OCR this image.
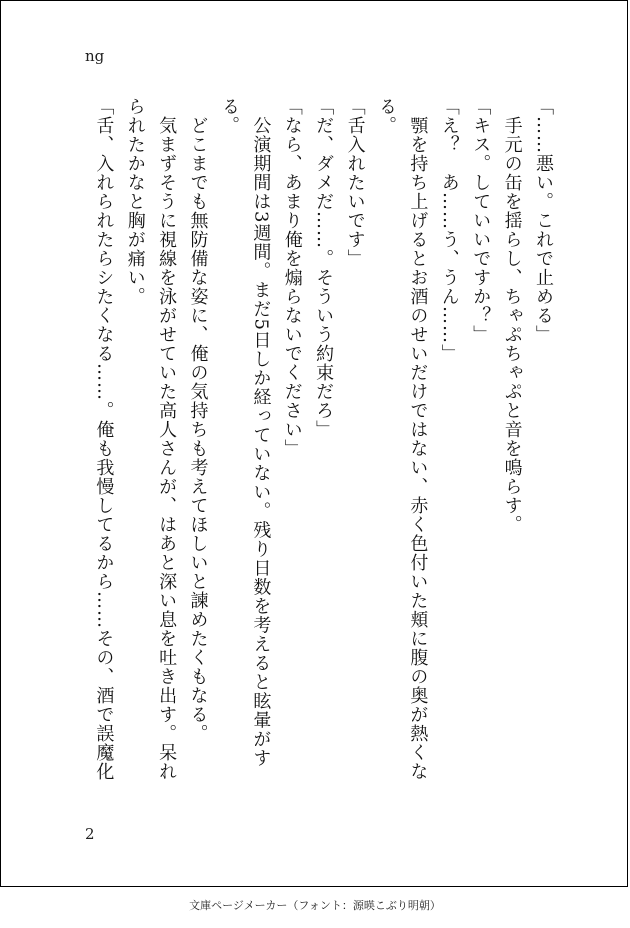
ng
「……悪い。これで止める」
　手元の缶を揺らし、ちゃぷちゃぷと音を鳴らす。
「キス。していいですか？」
「え？　あ……う、うん……」
　顎を持ち上げるとお酒のせいだけではない、赤く色付いた頬に腹の奥が熱くな
る。
「舌入れたいです」
「だ、ダメだ……。そういう約束だろ」
「なら、あまり俺を煽らないでください」
　公演期間は3週間。まだ5日しか経っていない。残り日数を考えると眩暈がす
る。
　どこまでも無防備な姿に、俺の気持ちも考えてほしいと諫めたくもなる。
　気まずそうに視線を泳がせていた高人さんが、はあと深い息を吐き出す。呆れ
られたかなと胸が痛い。
「舌、入れられたらシたくなる……。俺も我慢してるから……その、酒で誤魔化
2
文庫ページメーカー（フォント：源暎こぶり明朝）
